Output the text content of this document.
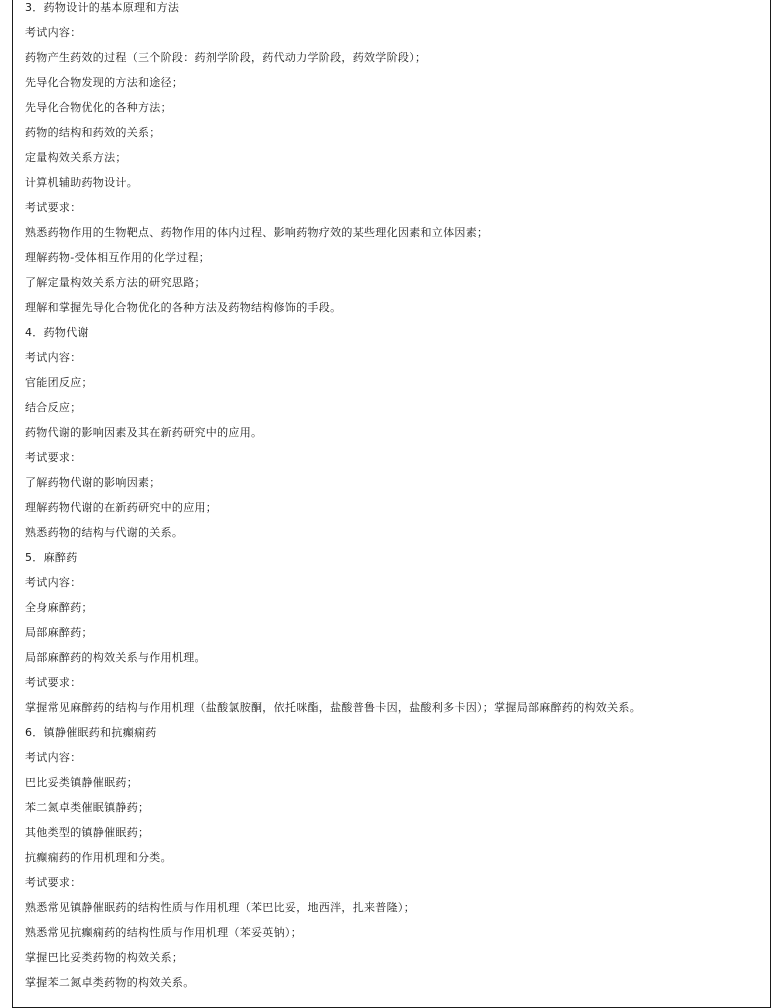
3．药物设计的基本原理和方法
考试内容：
药物产生药效的过程（三个阶段：药剂学阶段，药代动力学阶段，药效学阶段）；
先导化合物发现的方法和途径；
先导化合物优化的各种方法；
药物的结构和药效的关系；
定量构效关系方法；
计算机辅助药物设计。
考试要求：
熟悉药物作用的生物靶点、药物作用的体内过程、影响药物疗效的某些理化因素和立体因素；
理解药物-受体相互作用的化学过程；
了解定量构效关系方法的研究思路；
理解和掌握先导化合物优化的各种方法及药物结构修饰的手段。
4．药物代谢
考试内容：
官能团反应；
结合反应；
药物代谢的影响因素及其在新药研究中的应用。
考试要求：
了解药物代谢的影响因素；
理解药物代谢的在新药研究中的应用；
熟悉药物的结构与代谢的关系。
5．麻醉药
考试内容：
全身麻醉药；
局部麻醉药；
局部麻醉药的构效关系与作用机理。
考试要求：
掌握常见麻醉药的结构与作用机理（盐酸氯胺酮，依托咪酯，盐酸普鲁卡因，盐酸利多卡因）；掌握局部麻醉药的构效关系。
6．镇静催眠药和抗癫痫药
考试内容：
巴比妥类镇静催眠药；
苯二氮卓类催眠镇静药；
其他类型的镇静催眠药；
抗癫痫药的作用机理和分类。
考试要求：
熟悉常见镇静催眠药的结构性质与作用机理（苯巴比妥，地西泮，扎来普隆）；
熟悉常见抗癫痫药的结构性质与作用机理（苯妥英钠）；
掌握巴比妥类药物的构效关系；
掌握苯二氮卓类药物的构效关系。
